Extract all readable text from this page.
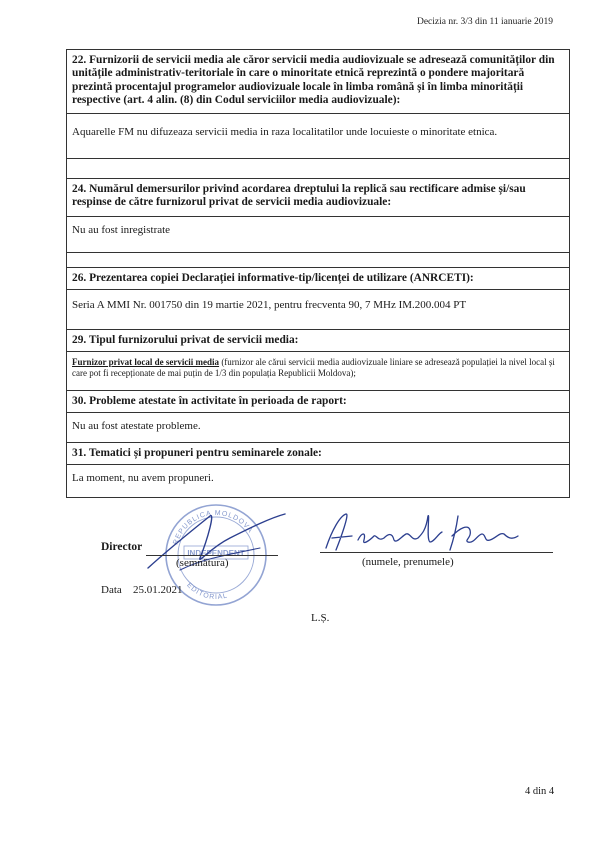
Decizia nr. 3/3 din 11 ianuarie 2019
22. Furnizorii de servicii media ale căror servicii media audiovizuale se adresează comunităților din unitățile administrativ-teritoriale în care o minoritate etnică reprezintă o pondere majoritară prezintă procentajul programelor audiovizuale locale în limba română și în limba minorității respective (art. 4 alin. (8) din Codul serviciilor media audiovizuale):
Aquarelle FM nu difuzeaza servicii media in raza localitatilor unde locuieste o minoritate etnica.
24. Numărul demersurilor privind acordarea dreptului la replică sau rectificare admise și/sau respinse de către furnizorul privat de servicii media audiovizuale:
Nu au fost inregistrate
26. Prezentarea copiei Declarației informative-tip/licenței de utilizare (ANRCETI):
Seria A MMI Nr. 001750 din 19 martie 2021, pentru frecventa 90, 7 MHz IM.200.004 PT
29. Tipul furnizorului privat de servicii media:
Furnizor privat local de servicii media (furnizor ale cărui servicii media audiovizuale liniare se adresează populației la nivel local și care pot fi recepționate de mai puțin de 1/3 din populația Republicii Moldova);
30. Probleme atestate în activitate în perioada de raport:
Nu au fost atestate probleme.
31. Tematici și propuneri pentru seminarele zonale:
La moment, nu avem propuneri.
REPUBLICA MOLDOVA
INDEPENDENT
EDITORIAL
Director
(semnătura)	(numele, prenumele)
Data 25.01.2021
L.Ș.
4 din 4
